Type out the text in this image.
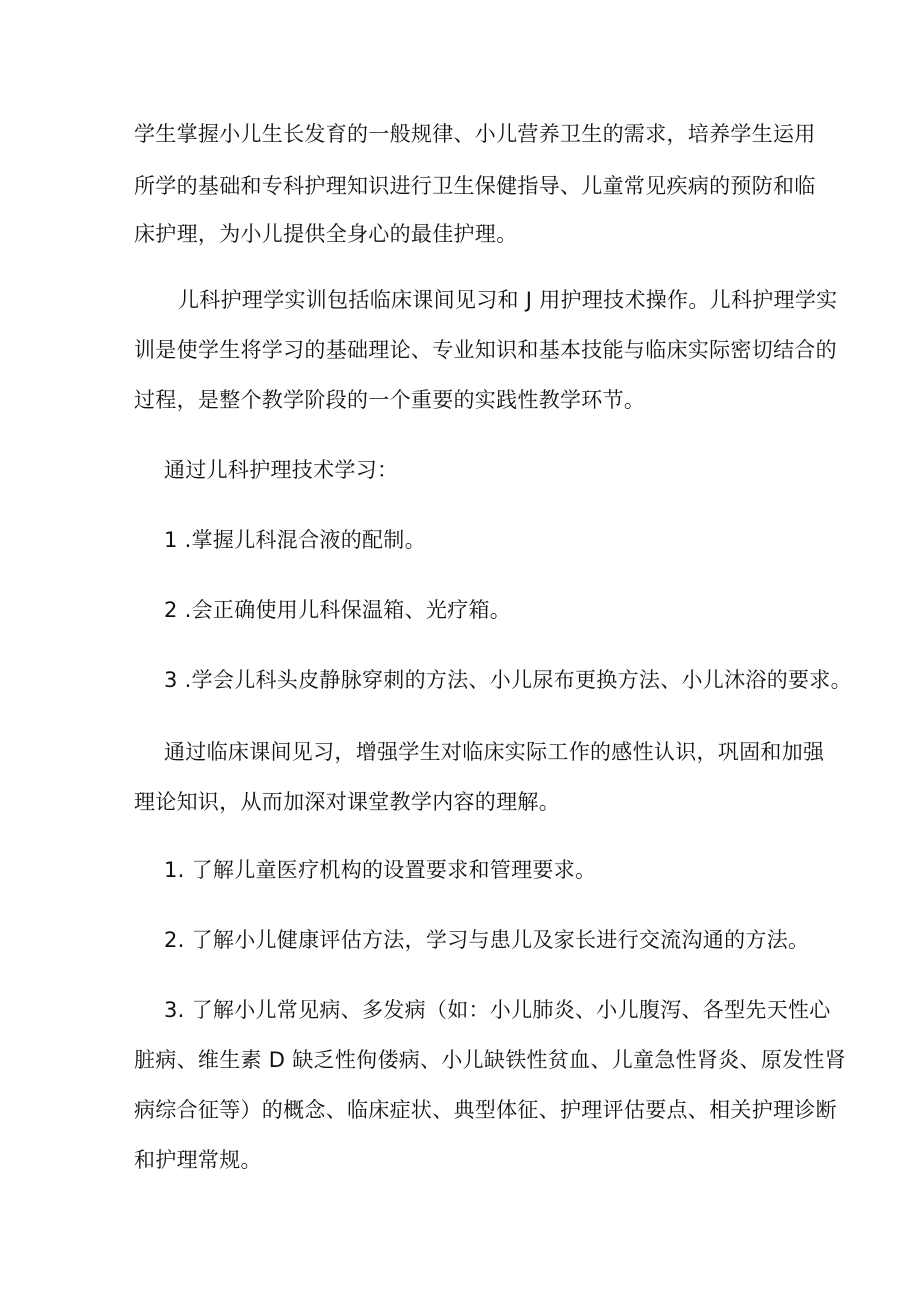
学生掌握小儿生长发育的一般规律、小儿营养卫生的需求，培养学生运用

所学的基础和专科护理知识进行卫生保健指导、儿童常见疾病的预防和临

床护理，为小儿提供全身心的最佳护理。

儿科护理学实训包括临床课间见习和 J 用护理技术操作。儿科护理学实

训是使学生将学习的基础理论、专业知识和基本技能与临床实际密切结合的

过程，是整个教学阶段的一个重要的实践性教学环节。

通过儿科护理技术学习：

1 .掌握儿科混合液的配制。

2 .会正确使用儿科保温箱、光疗箱。

3 .学会儿科头皮静脉穿刺的方法、小儿尿布更换方法、小儿沐浴的要求。

通过临床课间见习，增强学生对临床实际工作的感性认识，巩固和加强

理论知识，从而加深对课堂教学内容的理解。

1. 了解儿童医疗机构的设置要求和管理要求。

2. 了解小儿健康评估方法，学习与患儿及家长进行交流沟通的方法。

3. 了解小儿常见病、多发病（如：小儿肺炎、小儿腹泻、各型先天性心

脏病、维生素 D 缺乏性佝偻病、小儿缺铁性贫血、儿童急性肾炎、原发性肾

病综合征等）的概念、临床症状、典型体征、护理评估要点、相关护理诊断

和护理常规。
